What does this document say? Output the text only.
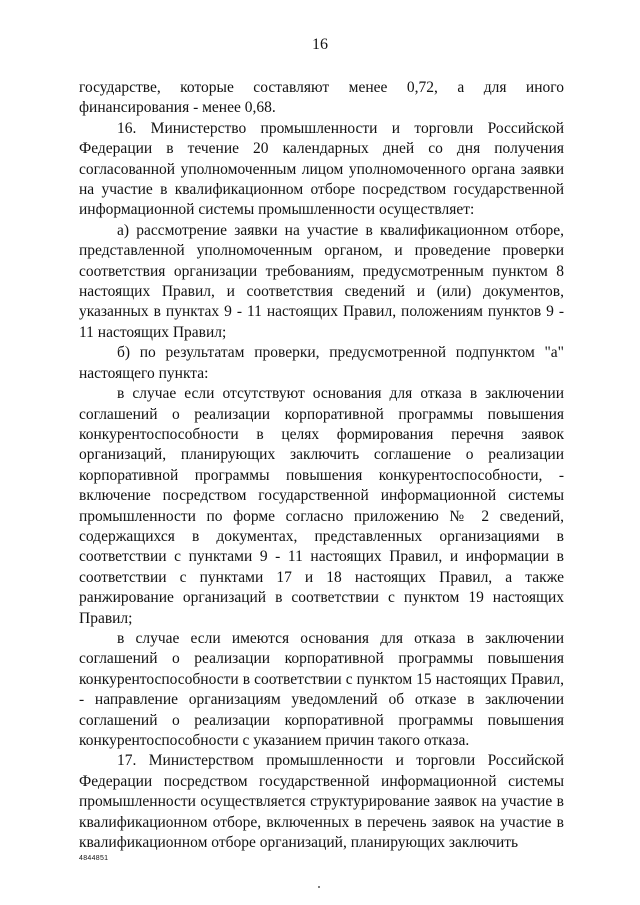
16

государстве, которые составляют менее 0,72, а для иного финансирования - менее 0,68.

16. Министерство промышленности и торговли Российской Федерации в течение 20 календарных дней со дня получения согласованной уполномоченным лицом уполномоченного органа заявки на участие в квалификационном отборе посредством государственной информационной системы промышленности осуществляет:

а) рассмотрение заявки на участие в квалификационном отборе, представленной уполномоченным органом, и проведение проверки соответствия организации требованиям, предусмотренным пунктом 8 настоящих Правил, и соответствия сведений и (или) документов, указанных в пунктах 9 - 11 настоящих Правил, положениям пунктов 9 - 11 настоящих Правил;

б) по результатам проверки, предусмотренной подпунктом "а" настоящего пункта:

в случае если отсутствуют основания для отказа в заключении соглашений о реализации корпоративной программы повышения конкурентоспособности в целях формирования перечня заявок организаций, планирующих заключить соглашение о реализации корпоративной программы повышения конкурентоспособности, - включение посредством государственной информационной системы промышленности по форме согласно приложению № 2 сведений, содержащихся в документах, представленных организациями в соответствии с пунктами 9 - 11 настоящих Правил, и информации в соответствии с пунктами 17 и 18 настоящих Правил, а также ранжирование организаций в соответствии с пунктом 19 настоящих Правил;

в случае если имеются основания для отказа в заключении соглашений о реализации корпоративной программы повышения конкурентоспособности в соответствии с пунктом 15 настоящих Правил, - направление организациям уведомлений об отказе в заключении соглашений о реализации корпоративной программы повышения конкурентоспособности с указанием причин такого отказа.

17. Министерством промышленности и торговли Российской Федерации посредством государственной информационной системы промышленности осуществляется структурирование заявок на участие в квалификационном отборе, включенных в перечень заявок на участие в квалификационном отборе организаций, планирующих заключить

4844851
